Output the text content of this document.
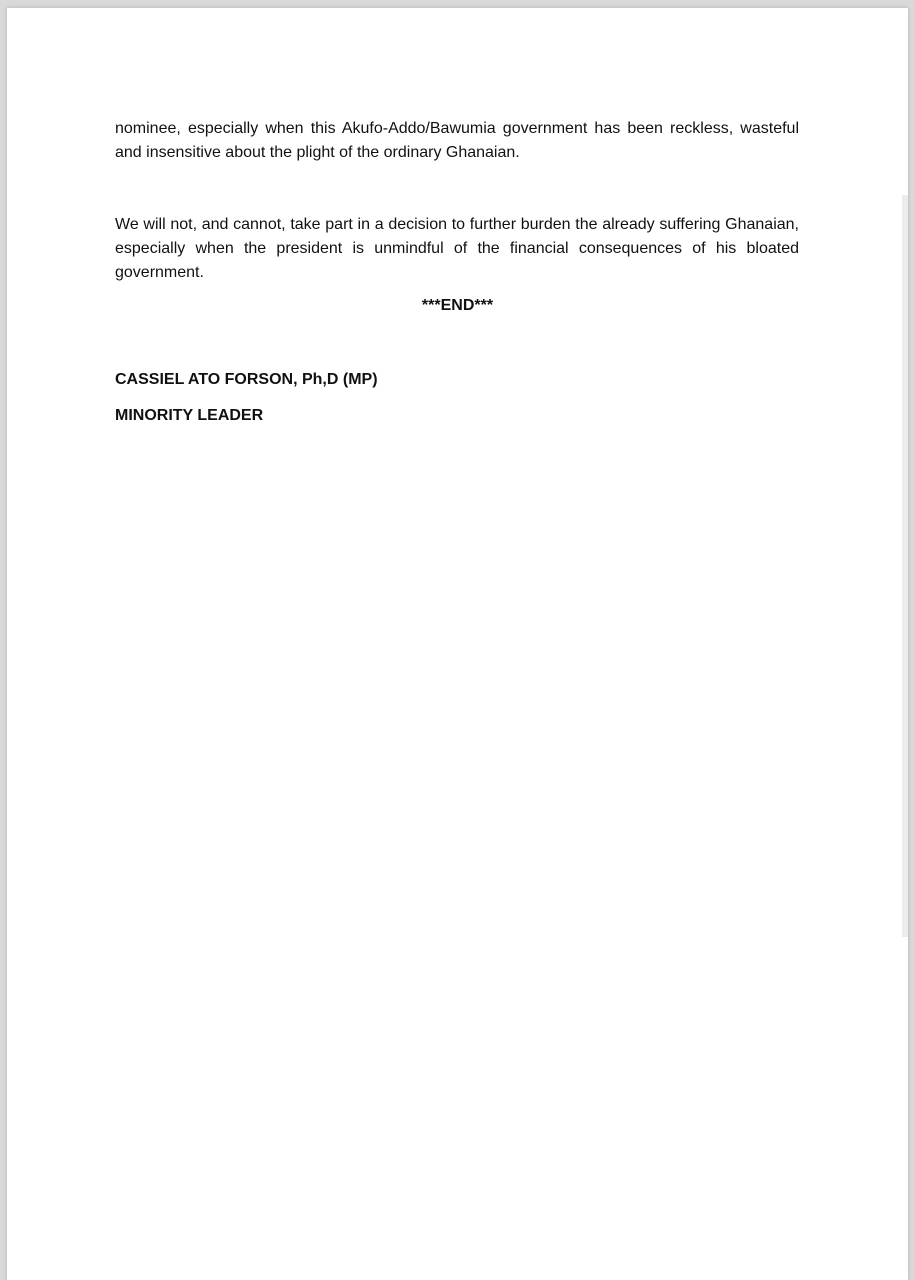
nominee, especially when this Akufo-Addo/Bawumia government has been reckless, wasteful and insensitive about the plight of the ordinary Ghanaian.

We will not, and cannot, take part in a decision to further burden the already suffering Ghanaian, especially when the president is unmindful of the financial consequences of his bloated government.

***END***

CASSIEL ATO FORSON, Ph,D (MP)

MINORITY LEADER
